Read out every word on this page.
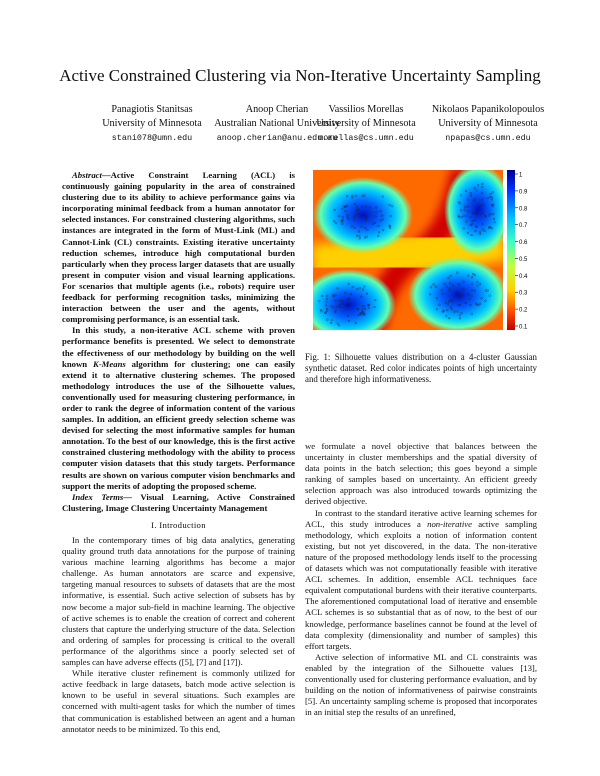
Active Constrained Clustering via Non-Iterative Uncertainty Sampling
Panagiotis Stanitsas
University of Minnesota
stani078@umn.edu
Anoop Cherian
Australian National University
anoop.cherian@anu.edu.au
Vassilios Morellas
University of Minnesota
morellas@cs.umn.edu
Nikolaos Papanikolopoulos
University of Minnesota
npapas@cs.umn.edu

Abstract—Active Constraint Learning (ACL) is continuously gaining popularity in the area of constrained clustering due to its ability to achieve performance gains via incorporating minimal feedback from a human annotator for selected instances. For constrained clustering algorithms, such instances are integrated in the form of Must-Link (ML) and Cannot-Link (CL) constraints. Existing iterative uncertainty reduction schemes, introduce high computational burden particularly when they process larger datasets that are usually present in computer vision and visual learning applications. For scenarios that multiple agents (i.e., robots) require user feedback for performing recognition tasks, minimizing the interaction between the user and the agents, without compromising performance, is an essential task.

In this study, a non-iterative ACL scheme with proven performance benefits is presented. We select to demonstrate the effectiveness of our methodology by building on the well known K-Means algorithm for clustering; one can easily extend it to alternative clustering schemes. The proposed methodology introduces the use of the Silhouette values, conventionally used for measuring clustering performance, in order to rank the degree of information content of the various samples. In addition, an efficient greedy selection scheme was devised for selecting the most informative samples for human annotation. To the best of our knowledge, this is the first active constrained clustering methodology with the ability to process computer vision datasets that this study targets. Performance results are shown on various computer vision benchmarks and support the merits of adopting the proposed scheme.

Index Terms— Visual Learning, Active Constrained Clustering, Image Clustering Uncertainty Management

I. Introduction

In the contemporary times of big data analytics, generating quality ground truth data annotations for the purpose of training various machine learning algorithms has become a major challenge. As human annotators are scarce and expensive, targeting manual resources to subsets of datasets that are the most informative, is essential. Such active selection of subsets has by now become a major sub-field in machine learning. The objective of active schemes is to enable the creation of correct and coherent clusters that capture the underlying structure of the data. Selection and ordering of samples for processing is critical to the overall performance of the algorithms since a poorly selected set of samples can have adverse effects ([5], [7] and [17]).

While iterative cluster refinement is commonly utilized for active feedback in large datasets, batch mode active selection is known to be useful in several situations. Such examples are concerned with multi-agent tasks for which the number of times that communication is established between an agent and a human annotator needs to be minimized. To this end,

1
0.9
0.8
0.7
0.6
0.5
0.4
0.3
0.2
0.1
Fig. 1: Silhouette values distribution on a 4-cluster Gaussian synthetic dataset. Red color indicates points of high uncertainty and therefore high informativeness.

we formulate a novel objective that balances between the uncertainty in cluster memberships and the spatial diversity of data points in the batch selection; this goes beyond a simple ranking of samples based on uncertainty. An efficient greedy selection approach was also introduced towards optimizing the derived objective.

In contrast to the standard iterative active learning schemes for ACL, this study introduces a non-iterative active sampling methodology, which exploits a notion of information content existing, but not yet discovered, in the data. The non-iterative nature of the proposed methodology lends itself to the processing of datasets which was not computationally feasible with iterative ACL schemes. In addition, ensemble ACL techniques face equivalent computational burdens with their iterative counterparts. The aforementioned computational load of iterative and ensemble ACL schemes is so substantial that as of now, to the best of our knowledge, performance baselines cannot be found at the level of data complexity (dimensionality and number of samples) this effort targets.

Active selection of informative ML and CL constraints was enabled by the integration of the Silhouette values [13], conventionally used for clustering performance evaluation, and by building on the notion of informativeness of pairwise constraints [5]. An uncertainty sampling scheme is proposed that incorporates in an initial step the results of an unrefined,
